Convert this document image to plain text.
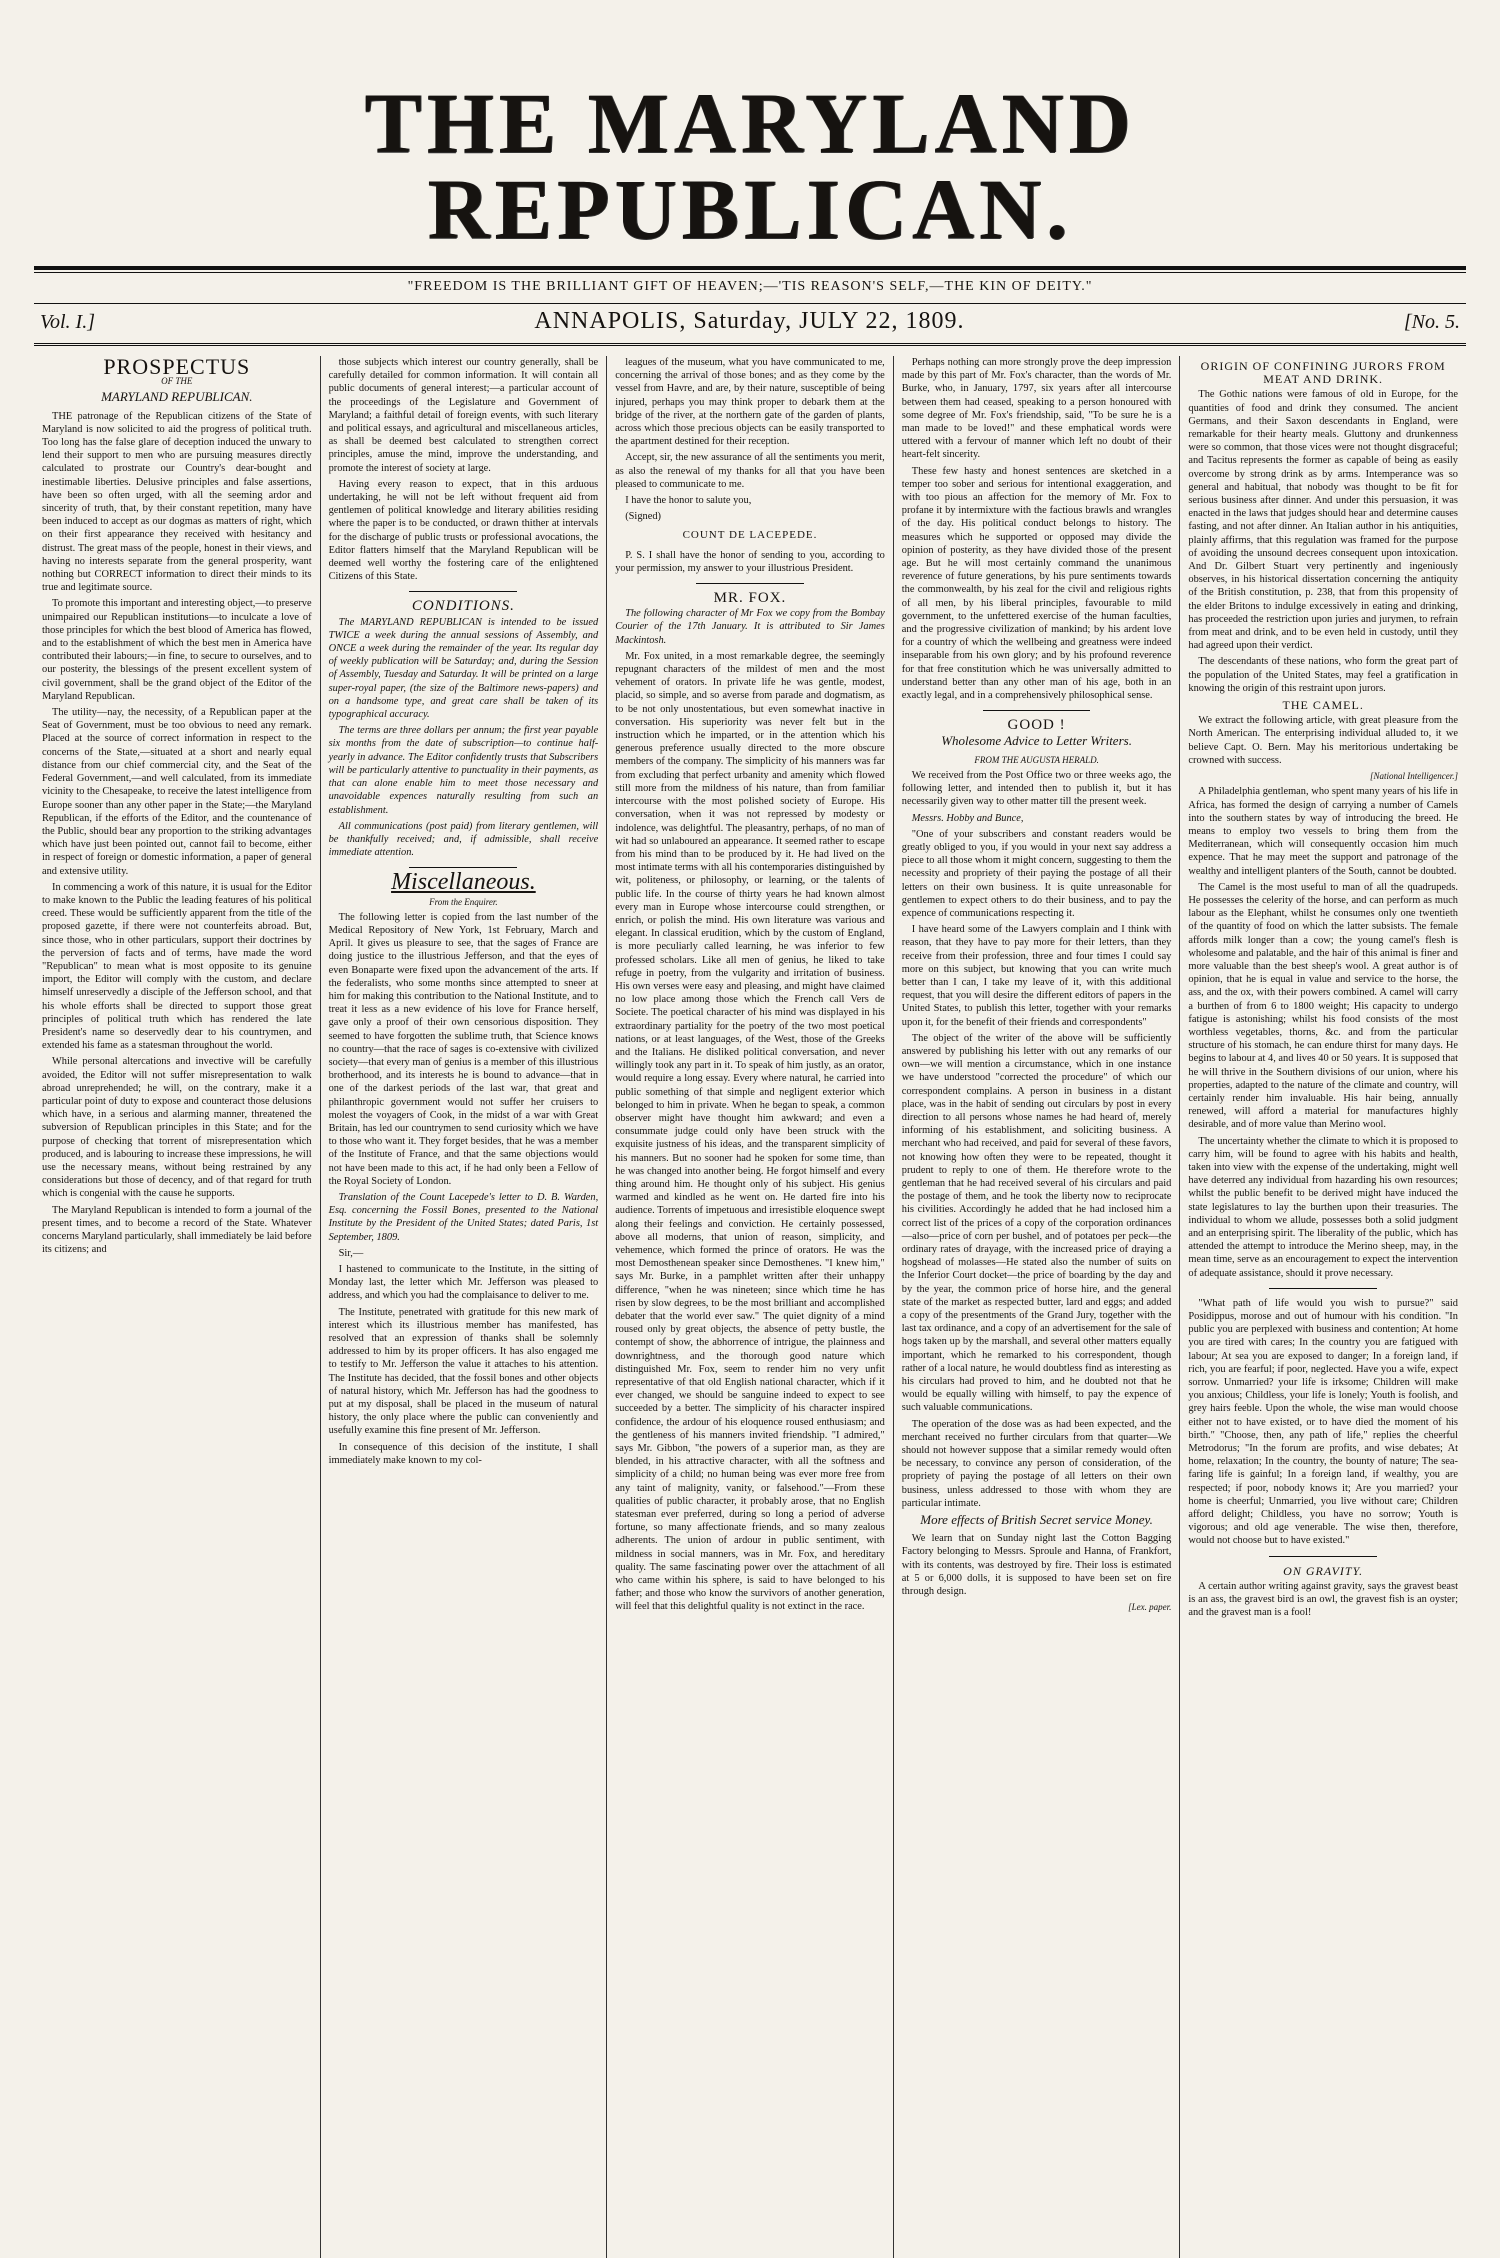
THE MARYLAND REPUBLICAN.
"FREEDOM IS THE BRILLIANT GIFT OF HEAVEN;—'TIS REASON'S SELF,—THE KIN OF DEITY."
Vol. I.]	ANNAPOLIS, Saturday, JULY 22, 1809.	[No. 5.
PROSPECTUS
OF THE
MARYLAND REPUBLICAN.

THE patronage of the Republican citizens of the State of Maryland is now solicited to aid the progress of political truth. Too long has the false glare of deception induced the unwary to lend their support to men who are pursuing measures directly calculated to prostrate our Country's dear-bought and inestimable liberties. Delusive principles and false assertions, have been so often urged, with all the seeming ardor and sincerity of truth, that, by their constant repetition, many have been induced to accept as our dogmas as matters of right, which on their first appearance they received with hesitancy and distrust. The great mass of the people, honest in their views, and having no interests separate from the general prosperity, want nothing but CORRECT information to direct their minds to its true and legitimate source.

To promote this important and interesting object,—to preserve unimpaired our Republican institutions—to inculcate a love of those principles for which the best blood of America has flowed, and to the establishment of which the best men in America have contributed their labours;—in fine, to secure to ourselves, and to our posterity, the blessings of the present excellent system of civil government, shall be the grand object of the Editor of the Maryland Republican.

The utility—nay, the necessity, of a Republican paper at the Seat of Government, must be too obvious to need any remark. Placed at the source of correct information in respect to the concerns of the State,—situated at a short and nearly equal distance from our chief commercial city, and the Seat of the Federal Government,—and well calculated, from its immediate vicinity to the Chesapeake, to receive the latest intelligence from Europe sooner than any other paper in the State;—the Maryland Republican, if the efforts of the Editor, and the countenance of the Public, should bear any proportion to the striking advantages which have just been pointed out, cannot fail to become, either in respect of foreign or domestic information, a paper of general and extensive utility.

In commencing a work of this nature, it is usual for the Editor to make known to the Public the leading features of his political creed. These would be sufficiently apparent from the title of the proposed gazette, if there were not counterfeits abroad. But, since those, who in other particulars, support their doctrines by the perversion of facts and of terms, have made the word "Republican" to mean what is most opposite to its genuine import, the Editor will comply with the custom, and declare himself unreservedly a disciple of the Jefferson school, and that his whole efforts shall be directed to support those great principles of political truth which has rendered the late President's name so deservedly dear to his countrymen, and extended his fame as a statesman throughout the world.

While personal altercations and invective will be carefully avoided, the Editor will not suffer misrepresentation to walk abroad unreprehended; he will, on the contrary, make it a particular point of duty to expose and counteract those delusions which have, in a serious and alarming manner, threatened the subversion of Republican principles in this State; and for the purpose of checking that torrent of misrepresentation which produced, and is labouring to increase these impressions, he will use the necessary means, without being restrained by any considerations but those of decency, and of that regard for truth which is congenial with the cause he supports.

The Maryland Republican is intended to form a journal of the present times, and to become a record of the State. Whatever concerns Maryland particularly, shall immediately be laid before its citizens; and

those subjects which interest our country generally, shall be carefully detailed for common information. It will contain all public documents of general interest;—a particular account of the proceedings of the Legislature and Government of Maryland; a faithful detail of foreign events, with such literary and political essays, and agricultural and miscellaneous articles, as shall be deemed best calculated to strengthen correct principles, amuse the mind, improve the understanding, and promote the interest of society at large.

Having every reason to expect, that in this arduous undertaking, he will not be left without frequent aid from gentlemen of political knowledge and literary abilities residing where the paper is to be conducted, or drawn thither at intervals for the discharge of public trusts or professional avocations, the Editor flatters himself that the Maryland Republican will be deemed well worthy the fostering care of the enlightened Citizens of this State.

CONDITIONS.

The MARYLAND REPUBLICAN is intended to be issued TWICE a week during the annual sessions of Assembly, and ONCE a week during the remainder of the year. Its regular day of weekly publication will be Saturday; and, during the Session of Assembly, Tuesday and Saturday. It will be printed on a large super-royal paper, (the size of the Baltimore news-papers) and on a handsome type, and great care shall be taken of its typographical accuracy.

The terms are three dollars per annum; the first year payable six months from the date of subscription—to continue half-yearly in advance. The Editor confidently trusts that Subscribers will be particularly attentive to punctuality in their payments, as that can alone enable him to meet those necessary and unavoidable expences naturally resulting from such an establishment.

All communications (post paid) from literary gentlemen, will be thankfully received; and, if admissible, shall receive immediate attention.

Miscellaneous.
From the Enquirer.

The following letter is copied from the last number of the Medical Repository of New York, 1st February, March and April. It gives us pleasure to see, that the sages of France are doing justice to the illustrious Jefferson, and that the eyes of even Bonaparte were fixed upon the advancement of the arts. If the federalists, who some months since attempted to sneer at him for making this contribution to the National Institute, and to treat it less as a new evidence of his love for France herself, gave only a proof of their own censorious disposition. They seemed to have forgotten the sublime truth, that Science knows no country—that the race of sages is co-extensive with civilized society—that every man of genius is a member of this illustrious brotherhood, and its interests he is bound to advance—that in one of the darkest periods of the last war, that great and philanthropic government would not suffer her cruisers to molest the voyagers of Cook, in the midst of a war with Great Britain, has led our countrymen to send curiosity which we have to those who want it. They forget besides, that he was a member of the Institute of France, and that the same objections would not have been made to this act, if he had only been a Fellow of the Royal Society of London.

Translation of the Count Lacepede's letter to D. B. Warden, Esq. concerning the Fossil Bones, presented to the National Institute by the President of the United States; dated Paris, 1st September, 1809.

Sir,—

I hastened to communicate to the Institute, in the sitting of Monday last, the letter which Mr. Jefferson was pleased to address, and which you had the complaisance to deliver to me.

The Institute, penetrated with gratitude for this new mark of interest which its illustrious member has manifested, has resolved that an expression of thanks shall be solemnly addressed to him by its proper officers. It has also engaged me to testify to Mr. Jefferson the value it attaches to his attention. The Institute has decided, that the fossil bones and other objects of natural history, which Mr. Jefferson has had the goodness to put at my disposal, shall be placed in the museum of natural history, the only place where the public can conveniently and usefully examine this fine present of Mr. Jefferson.

In consequence of this decision of the institute, I shall immediately make known to my col-

leagues of the museum, what you have communicated to me, concerning the arrival of those bones; and as they come by the vessel from Havre, and are, by their nature, susceptible of being injured, perhaps you may think proper to debark them at the bridge of the river, at the northern gate of the garden of plants, across which those precious objects can be easily transported to the apartment destined for their reception.

Accept, sir, the new assurance of all the sentiments you merit, as also the renewal of my thanks for all that you have been pleased to communicate to me.

I have the honor to salute you,

(Signed)

COUNT DE LACEPEDE.

P. S. I shall have the honor of sending to you, according to your permission, my answer to your illustrious President.

MR. FOX.

The following character of Mr Fox we copy from the Bombay Courier of the 17th January. It is attributed to Sir James Mackintosh.

Mr. Fox united, in a most remarkable degree, the seemingly repugnant characters of the mildest of men and the most vehement of orators. In private life he was gentle, modest, placid, so simple, and so averse from parade and dogmatism, as to be not only unostentatious, but even somewhat inactive in conversation. His superiority was never felt but in the instruction which he imparted, or in the attention which his generous preference usually directed to the more obscure members of the company. The simplicity of his manners was far from excluding that perfect urbanity and amenity which flowed still more from the mildness of his nature, than from familiar intercourse with the most polished society of Europe. His conversation, when it was not repressed by modesty or indolence, was delightful. The pleasantry, perhaps, of no man of wit had so unlaboured an appearance. It seemed rather to escape from his mind than to be produced by it. He had lived on the most intimate terms with all his contemporaries distinguished by wit, politeness, or philosophy, or learning, or the talents of public life. In the course of thirty years he had known almost every man in Europe whose intercourse could strengthen, or enrich, or polish the mind. His own literature was various and elegant. In classical erudition, which by the custom of England, is more peculiarly called learning, he was inferior to few professed scholars. Like all men of genius, he liked to take refuge in poetry, from the vulgarity and irritation of business. His own verses were easy and pleasing, and might have claimed no low place among those which the French call Vers de Societe. The poetical character of his mind was displayed in his extraordinary partiality for the poetry of the two most poetical nations, or at least languages, of the West, those of the Greeks and the Italians. He disliked political conversation, and never willingly took any part in it. To speak of him justly, as an orator, would require a long essay. Every where natural, he carried into public something of that simple and negligent exterior which belonged to him in private. When he began to speak, a common observer might have thought him awkward; and even a consummate judge could only have been struck with the exquisite justness of his ideas, and the transparent simplicity of his manners. But no sooner had he spoken for some time, than he was changed into another being. He forgot himself and every thing around him. He thought only of his subject. His genius warmed and kindled as he went on. He darted fire into his audience. Torrents of impetuous and irresistible eloquence swept along their feelings and conviction. He certainly possessed, above all moderns, that union of reason, simplicity, and vehemence, which formed the prince of orators. He was the most Demosthenean speaker since Demosthenes. "I knew him," says Mr. Burke, in a pamphlet written after their unhappy difference, "when he was nineteen; since which time he has risen by slow degrees, to be the most brilliant and accomplished debater that the world ever saw." The quiet dignity of a mind roused only by great objects, the absence of petty bustle, the contempt of show, the abhorrence of intrigue, the plainness and downrightness, and the thorough good nature which distinguished Mr. Fox, seem to render him no very unfit representative of that old English national character, which if it ever changed, we should be sanguine indeed to expect to see succeeded by a better. The simplicity of his character inspired confidence, the ardour of his eloquence roused enthusiasm; and the gentleness of his manners invited friendship. "I admired," says Mr. Gibbon, "the powers of a superior man, as they are blended, in his attractive character, with all the softness and simplicity of a child; no human being was ever more free from any taint of malignity, vanity, or falsehood."—From these qualities of public character, it probably arose, that no English statesman ever preferred, during so long a period of adverse fortune, so many affectionate friends, and so many zealous adherents. The union of ardour in public sentiment, with mildness in social manners, was in Mr. Fox, and hereditary quality. The same fascinating power over the attachment of all who came within his sphere, is said to have belonged to his father; and those who know the survivors of another generation, will feel that this delightful quality is not extinct in the race.

Perhaps nothing can more strongly prove the deep impression made by this part of Mr. Fox's character, than the words of Mr. Burke, who, in January, 1797, six years after all intercourse between them had ceased, speaking to a person honoured with some degree of Mr. Fox's friendship, said, "To be sure he is a man made to be loved!" and these emphatical words were uttered with a fervour of manner which left no doubt of their heart-felt sincerity.

These few hasty and honest sentences are sketched in a temper too sober and serious for intentional exaggeration, and with too pious an affection for the memory of Mr. Fox to profane it by intermixture with the factious brawls and wrangles of the day. His political conduct belongs to history. The measures which he supported or opposed may divide the opinion of posterity, as they have divided those of the present age. But he will most certainly command the unanimous reverence of future generations, by his pure sentiments towards the commonwealth, by his zeal for the civil and religious rights of all men, by his liberal principles, favourable to mild government, to the unfettered exercise of the human faculties, and the progressive civilization of mankind; by his ardent love for a country of which the wellbeing and greatness were indeed inseparable from his own glory; and by his profound reverence for that free constitution which he was universally admitted to understand better than any other man of his age, both in an exactly legal, and in a comprehensively philosophical sense.

GOOD !
Wholesome Advice to Letter Writers.
FROM THE AUGUSTA HERALD.

We received from the Post Office two or three weeks ago, the following letter, and intended then to publish it, but it has necessarily given way to other matter till the present week.

Messrs. Hobby and Bunce,

"One of your subscribers and constant readers would be greatly obliged to you, if you would in your next say address a piece to all those whom it might concern, suggesting to them the necessity and propriety of their paying the postage of all their letters on their own business. It is quite unreasonable for gentlemen to expect others to do their business, and to pay the expence of communications respecting it.

I have heard some of the Lawyers complain and I think with reason, that they have to pay more for their letters, than they receive from their profession, three and four times I could say more on this subject, but knowing that you can write much better than I can, I take my leave of it, with this additional request, that you will desire the different editors of papers in the United States, to publish this letter, together with your remarks upon it, for the benefit of their friends and correspondents"

The object of the writer of the above will be sufficiently answered by publishing his letter with out any remarks of our own—we will mention a circumstance, which in one instance we have understood "corrected the procedure" of which our correspondent complains. A person in business in a distant place, was in the habit of sending out circulars by post in every direction to all persons whose names he had heard of, merely informing of his establishment, and soliciting business. A merchant who had received, and paid for several of these favors, not knowing how often they were to be repeated, thought it prudent to reply to one of them. He therefore wrote to the gentleman that he had received several of his circulars and paid the postage of them, and he took the liberty now to reciprocate his civilities. Accordingly he added that he had inclosed him a correct list of the prices of a copy of the corporation ordinances—also—price of corn per bushel, and of potatoes per peck—the ordinary rates of drayage, with the increased price of draying a hogshead of molasses—He stated also the number of suits on the Inferior Court docket—the price of boarding by the day and by the year, the common price of horse hire, and the general state of the market as respected butter, lard and eggs; and added a copy of the presentments of the Grand Jury, together with the last tax ordinance, and a copy of an advertisement for the sale of hogs taken up by the marshall, and several other matters equally important, which he remarked to his correspondent, though rather of a local nature, he would doubtless find as interesting as his circulars had proved to him, and he doubted not that he would be equally willing with himself, to pay the expence of such valuable communications.

The operation of the dose was as had been expected, and the merchant received no further circulars from that quarter—We should not however suppose that a similar remedy would often be necessary, to convince any person of consideration, of the propriety of paying the postage of all letters on their own business, unless addressed to those with whom they are particular intimate.

More effects of British Secret service Money.

We learn that on Sunday night last the Cotton Bagging Factory belonging to Messrs. Sproule and Hanna, of Frankfort, with its contents, was destroyed by fire. Their loss is estimated at 5 or 6,000 dolls, it is supposed to have been set on fire through design.

[Lex. paper.
ORIGIN OF CONFINING JURORS FROM MEAT AND DRINK.

The Gothic nations were famous of old in Europe, for the quantities of food and drink they consumed. The ancient Germans, and their Saxon descendants in England, were remarkable for their hearty meals. Gluttony and drunkenness were so common, that those vices were not thought disgraceful; and Tacitus represents the former as capable of being as easily overcome by strong drink as by arms. Intemperance was so general and habitual, that nobody was thought to be fit for serious business after dinner. And under this persuasion, it was enacted in the laws that judges should hear and determine causes fasting, and not after dinner. An Italian author in his antiquities, plainly affirms, that this regulation was framed for the purpose of avoiding the unsound decrees consequent upon intoxication. And Dr. Gilbert Stuart very pertinently and ingeniously observes, in his historical dissertation concerning the antiquity of the British constitution, p. 238, that from this propensity of the elder Britons to indulge excessively in eating and drinking, has proceeded the restriction upon juries and jurymen, to refrain from meat and drink, and to be even held in custody, until they had agreed upon their verdict.

The descendants of these nations, who form the great part of the population of the United States, may feel a gratification in knowing the origin of this restraint upon jurors.

THE CAMEL.

We extract the following article, with great pleasure from the North American. The enterprising individual alluded to, it we believe Capt. O. Bern. May his meritorious undertaking be crowned with success.

[National Intelligencer.]

A Philadelphia gentleman, who spent many years of his life in Africa, has formed the design of carrying a number of Camels into the southern states by way of introducing the breed. He means to employ two vessels to bring them from the Mediterranean, which will consequently occasion him much expence. That he may meet the support and patronage of the wealthy and intelligent planters of the South, cannot be doubted.

The Camel is the most useful to man of all the quadrupeds. He possesses the celerity of the horse, and can perform as much labour as the Elephant, whilst he consumes only one twentieth of the quantity of food on which the latter subsists. The female affords milk longer than a cow; the young camel's flesh is wholesome and palatable, and the hair of this animal is finer and more valuable than the best sheep's wool. A great author is of opinion, that he is equal in value and service to the horse, the ass, and the ox, with their powers combined. A camel will carry a burthen of from 6 to 1800 weight; His capacity to undergo fatigue is astonishing; whilst his food consists of the most worthless vegetables, thorns, &c. and from the particular structure of his stomach, he can endure thirst for many days. He begins to labour at 4, and lives 40 or 50 years. It is supposed that he will thrive in the Southern divisions of our union, where his properties, adapted to the nature of the climate and country, will certainly render him invaluable. His hair being, annually renewed, will afford a material for manufactures highly desirable, and of more value than Merino wool.

The uncertainty whether the climate to which it is proposed to carry him, will be found to agree with his habits and health, taken into view with the expense of the undertaking, might well have deterred any individual from hazarding his own resources; whilst the public benefit to be derived might have induced the state legislatures to lay the burthen upon their treasuries. The individual to whom we allude, possesses both a solid judgment and an enterprising spirit. The liberality of the public, which has attended the attempt to introduce the Merino sheep, may, in the mean time, serve as an encouragement to expect the intervention of adequate assistance, should it prove necessary.

"What path of life would you wish to pursue?" said Posidippus, morose and out of humour with his condition. "In public you are perplexed with business and contention; At home you are tired with cares; In the country you are fatigued with labour; At sea you are exposed to danger; In a foreign land, if rich, you are fearful; if poor, neglected. Have you a wife, expect sorrow. Unmarried? your life is irksome; Children will make you anxious; Childless, your life is lonely; Youth is foolish, and grey hairs feeble. Upon the whole, the wise man would choose either not to have existed, or to have died the moment of his birth." "Choose, then, any path of life," replies the cheerful Metrodorus; "In the forum are profits, and wise debates; At home, relaxation; In the country, the bounty of nature; The sea-faring life is gainful; In a foreign land, if wealthy, you are respected; if poor, nobody knows it; Are you married? your home is cheerful; Unmarried, you live without care; Children afford delight; Childless, you have no sorrow; Youth is vigorous; and old age venerable. The wise then, therefore, would not choose but to have existed."

ON GRAVITY.

A certain author writing against gravity, says the gravest beast is an ass, the gravest bird is an owl, the gravest fish is an oyster; and the gravest man is a fool!
